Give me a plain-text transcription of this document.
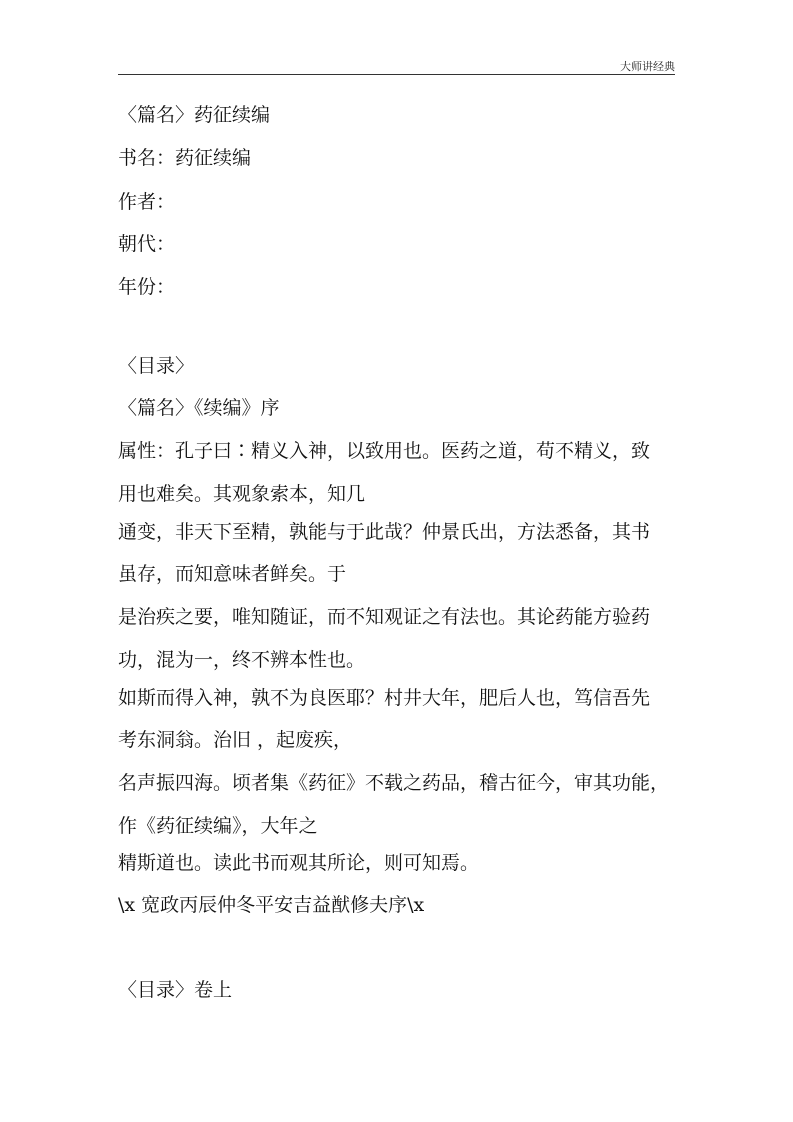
大师讲经典
〈篇名〉药征续编
书名：药征续编
作者：
朝代：
年份：
〈目录〉
〈篇名〉《续编》序
属性：孔子曰∶精义入神，以致用也。医药之道，苟不精义，致
用也难矣。其观象索本，知几
通变，非天下至精，孰能与于此哉？仲景氏出，方法悉备，其书
虽存，而知意味者鲜矣。于
是治疾之要，唯知随证，而不知观证之有法也。其论药能方验药
功，混为一，终不辨本性也。
如斯而得入神，孰不为良医耶？村井大年，肥后人也，笃信吾先
考东洞翁。治旧 ，起废疾，
名声振四海。顷者集《药征》不载之药品，稽古征今，审其功能，
作《药征续编》，大年之
精斯道也。读此书而观其所论，则可知焉。
\x 宽政丙辰仲冬平安吉益猷修夫序\x
〈目录〉卷上
